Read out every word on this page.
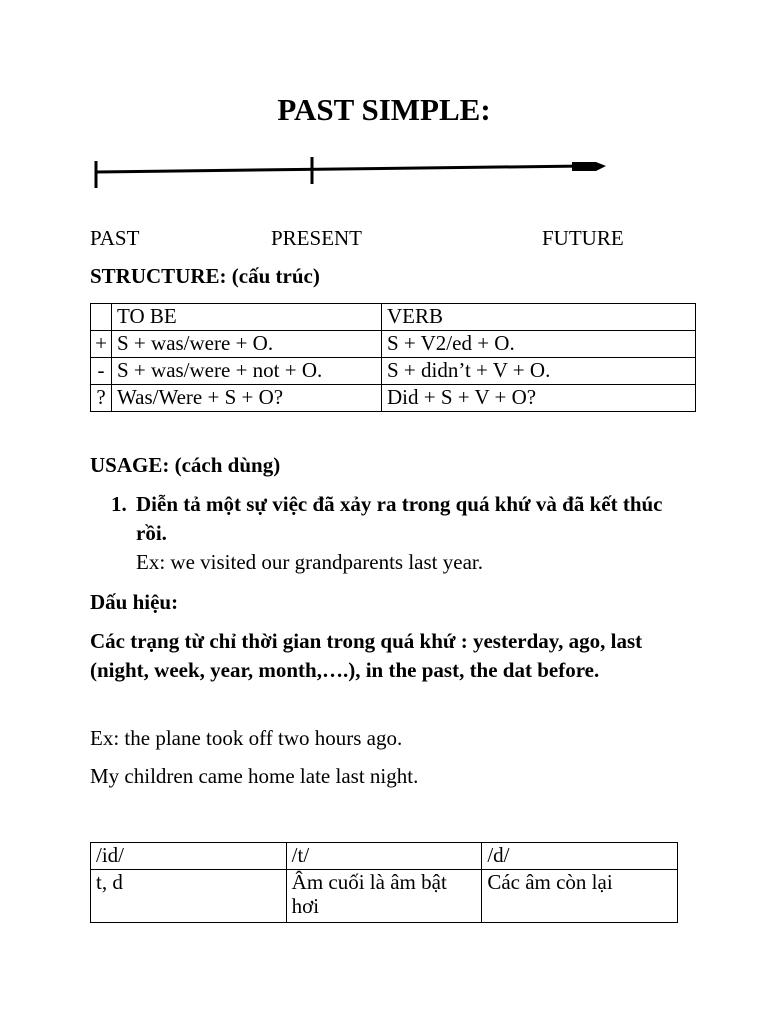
PAST SIMPLE:
PAST	PRESENT	FUTURE

STRUCTURE: (cấu trúc)

	TO BE	VERB
+	S + was/were + O.	S + V2/ed + O.
-	S + was/were + not + O.	S + didn’t + V + O.
?	Was/Were + S + O?	Did + S + V + O?

USAGE: (cách dùng)

1. Diễn tả một sự việc đã xảy ra trong quá khứ và đã kết thúc rồi.
Ex: we visited our grandparents last year.

Dấu hiệu:

Các trạng từ chỉ thời gian trong quá khứ : yesterday, ago, last (night, week, year, month,….), in the past, the dat before.

Ex: the plane took off two hours ago.

My children came home late last night.

/id/	/t/	/d/
t, d	Âm cuối là âm bật hơi	Các âm còn lại
